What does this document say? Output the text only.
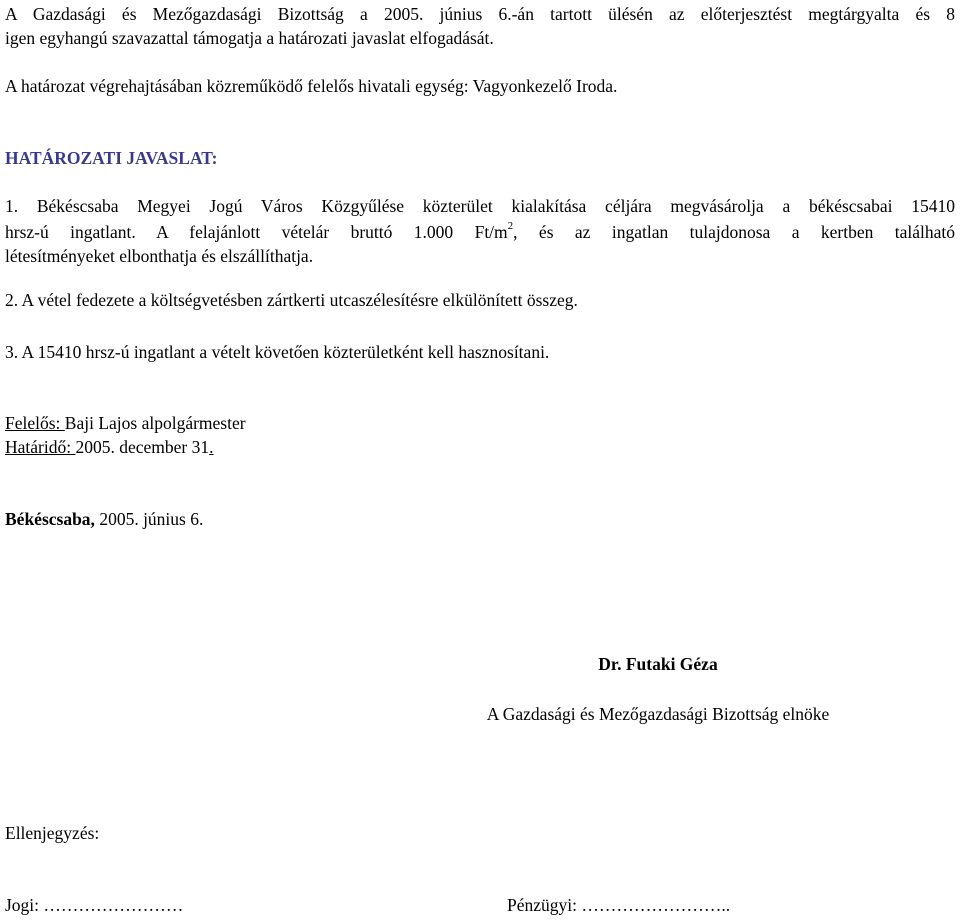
A Gazdasági és Mezőgazdasági Bizottság a 2005. június 6.-án tartott ülésén az előterjesztést megtárgyalta és 8
igen egyhangú szavazattal támogatja a határozati javaslat elfogadását.
A határozat végrehajtásában közreműködő felelős hivatali egység: Vagyonkezelő Iroda.
HATÁROZATI JAVASLAT:
1. Békéscsaba Megyei Jogú Város Közgyűlése közterület kialakítása céljára megvásárolja a békéscsabai 15410
hrsz-ú ingatlant. A felajánlott vételár bruttó 1.000 $Ft/m^2$, és az ingatlan tulajdonosa a kertben található
létesítményeket elbonthatja és elszállíthatja.
2. A vétel fedezete a költségvetésben zártkerti utcaszélesítésre elkülönített összeg.
3. A 15410 hrsz-ú ingatlant a vételt követően közterületként kell hasznosítani.
Felelős: Baji Lajos alpolgármester
Határidő: 2005. december 31.
Békéscsaba, 2005. június 6.
Dr. Futaki Géza
A Gazdasági és Mezőgazdasági Bizottság elnöke
Ellenjegyzés:
Jogi: ……………………	Pénzügyi: ……………………..
